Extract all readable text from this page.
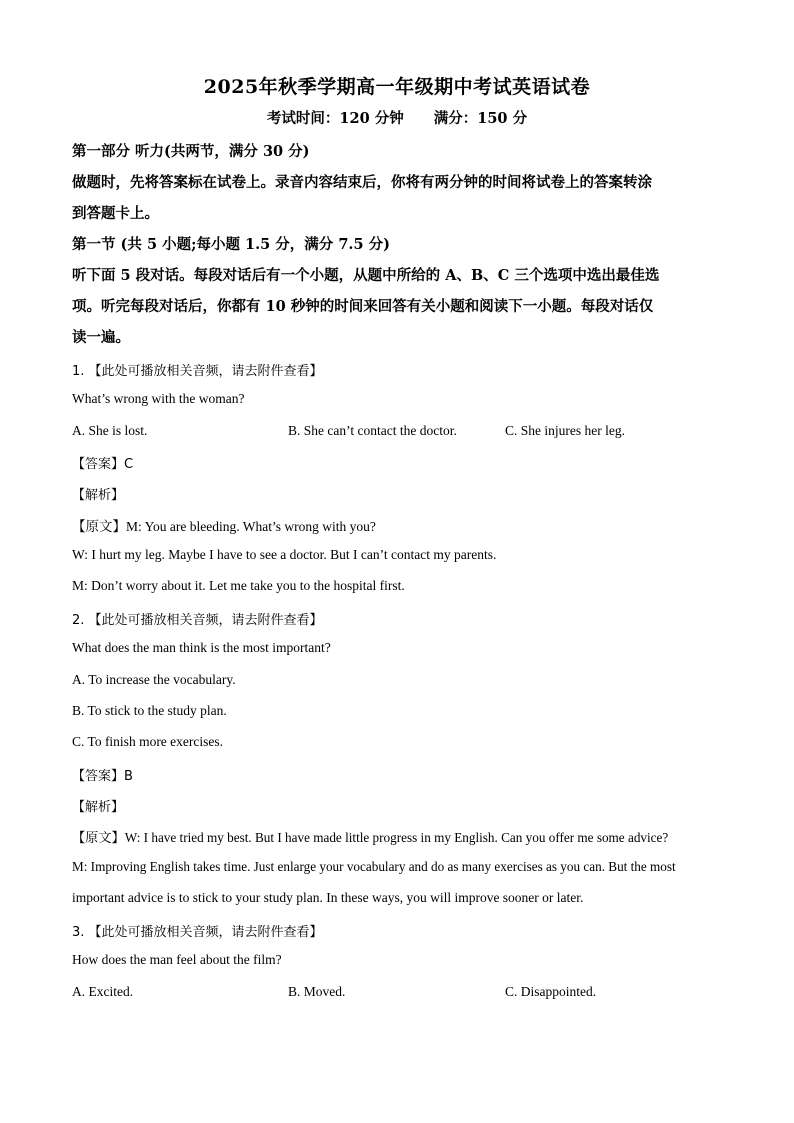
2025年秋季学期高一年级期中考试英语试卷
考试时间：120 分钟 满分：150 分
第一部分 听力(共两节，满分 30 分)
做题时，先将答案标在试卷上。录音内容结束后，你将有两分钟的时间将试卷上的答案转涂
到答题卡上。
第一节 (共 5 小题;每小题 1.5 分，满分 7.5 分)
听下面 5 段对话。每段对话后有一个小题，从题中所给的 A、B、C 三个选项中选出最佳选
项。听完每段对话后，你都有 10 秒钟的时间来回答有关小题和阅读下一小题。每段对话仅
读一遍。
1. 【此处可播放相关音频，请去附件查看】
What’s wrong with the woman?
A. She is lost.	B. She can’t contact the doctor.	C. She injures her leg.
【答案】C
【解析】
【原文】M: You are bleeding. What’s wrong with you?
W: I hurt my leg. Maybe I have to see a doctor. But I can’t contact my parents.
M: Don’t worry about it. Let me take you to the hospital first.
2. 【此处可播放相关音频，请去附件查看】
What does the man think is the most important?
A. To increase the vocabulary.
B. To stick to the study plan.
C. To finish more exercises.
【答案】B
【解析】
【原文】W: I have tried my best. But I have made little progress in my English. Can you offer me some advice?
M: Improving English takes time. Just enlarge your vocabulary and do as many exercises as you can. But the most
important advice is to stick to your study plan. In these ways, you will improve sooner or later.
3. 【此处可播放相关音频，请去附件查看】
How does the man feel about the film?
A. Excited.	B. Moved.	C. Disappointed.
